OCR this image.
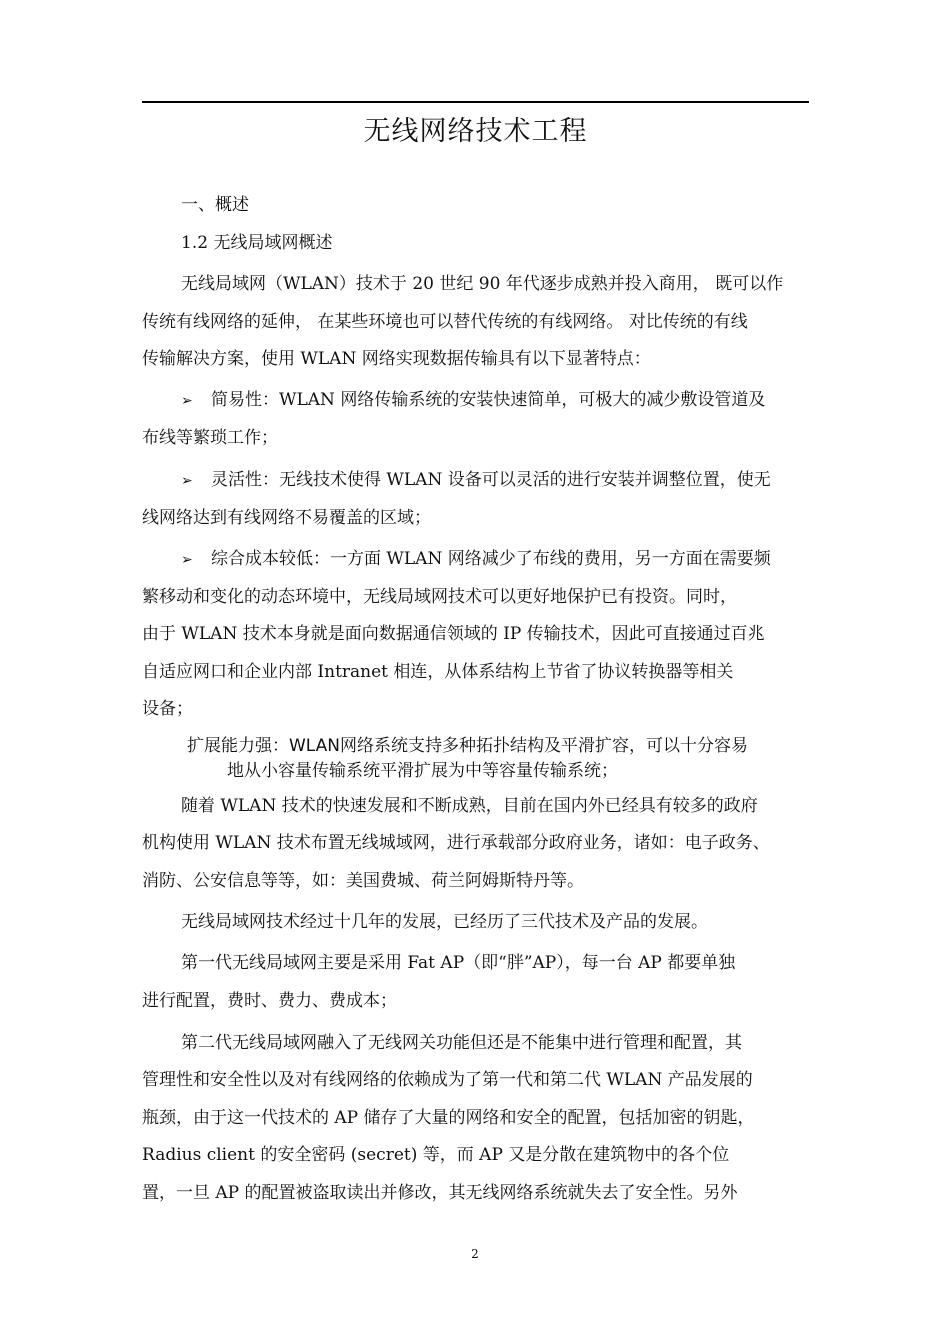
无线网络技术工程
一、概述
1.2 无线局域网概述
无线局域网（WLAN）技术于 20 世纪 90 年代逐步成熟并投入商用， 既可以作
传统有线网络的延伸， 在某些环境也可以替代传统的有线网络。 对比传统的有线
传输解决方案，使用 WLAN 网络实现数据传输具有以下显著特点：
➢ 简易性：WLAN 网络传输系统的安装快速简单，可极大的减少敷设管道及
布线等繁琐工作；
➢ 灵活性：无线技术使得 WLAN 设备可以灵活的进行安装并调整位置，使无
线网络达到有线网络不易覆盖的区域；
➢ 综合成本较低：一方面 WLAN 网络减少了布线的费用，另一方面在需要频
繁移动和变化的动态环境中，无线局域网技术可以更好地保护已有投资。同时，
由于 WLAN 技术本身就是面向数据通信领域的 IP 传输技术，因此可直接通过百兆
自适应网口和企业内部 Intranet 相连，从体系结构上节省了协议转换器等相关
设备；
扩展能力强：WLAN网络系统支持多种拓扑结构及平滑扩容，可以十分容易
地从小容量传输系统平滑扩展为中等容量传输系统；
随着 WLAN 技术的快速发展和不断成熟，目前在国内外已经具有较多的政府
机构使用 WLAN 技术布置无线城域网，进行承载部分政府业务，诸如：电子政务、
消防、公安信息等等，如：美国费城、荷兰阿姆斯特丹等。
无线局域网技术经过十几年的发展，已经历了三代技术及产品的发展。
第一代无线局域网主要是采用 Fat AP（即“胖”AP），每一台 AP 都要单独
进行配置，费时、费力、费成本；
第二代无线局域网融入了无线网关功能但还是不能集中进行管理和配置，其
管理性和安全性以及对有线网络的依赖成为了第一代和第二代 WLAN 产品发展的
瓶颈，由于这一代技术的 AP 储存了大量的网络和安全的配置，包括加密的钥匙，
Radius client 的安全密码 (secret) 等，而 AP 又是分散在建筑物中的各个位
置，一旦 AP 的配置被盗取读出并修改，其无线网络系统就失去了安全性。另外
2
